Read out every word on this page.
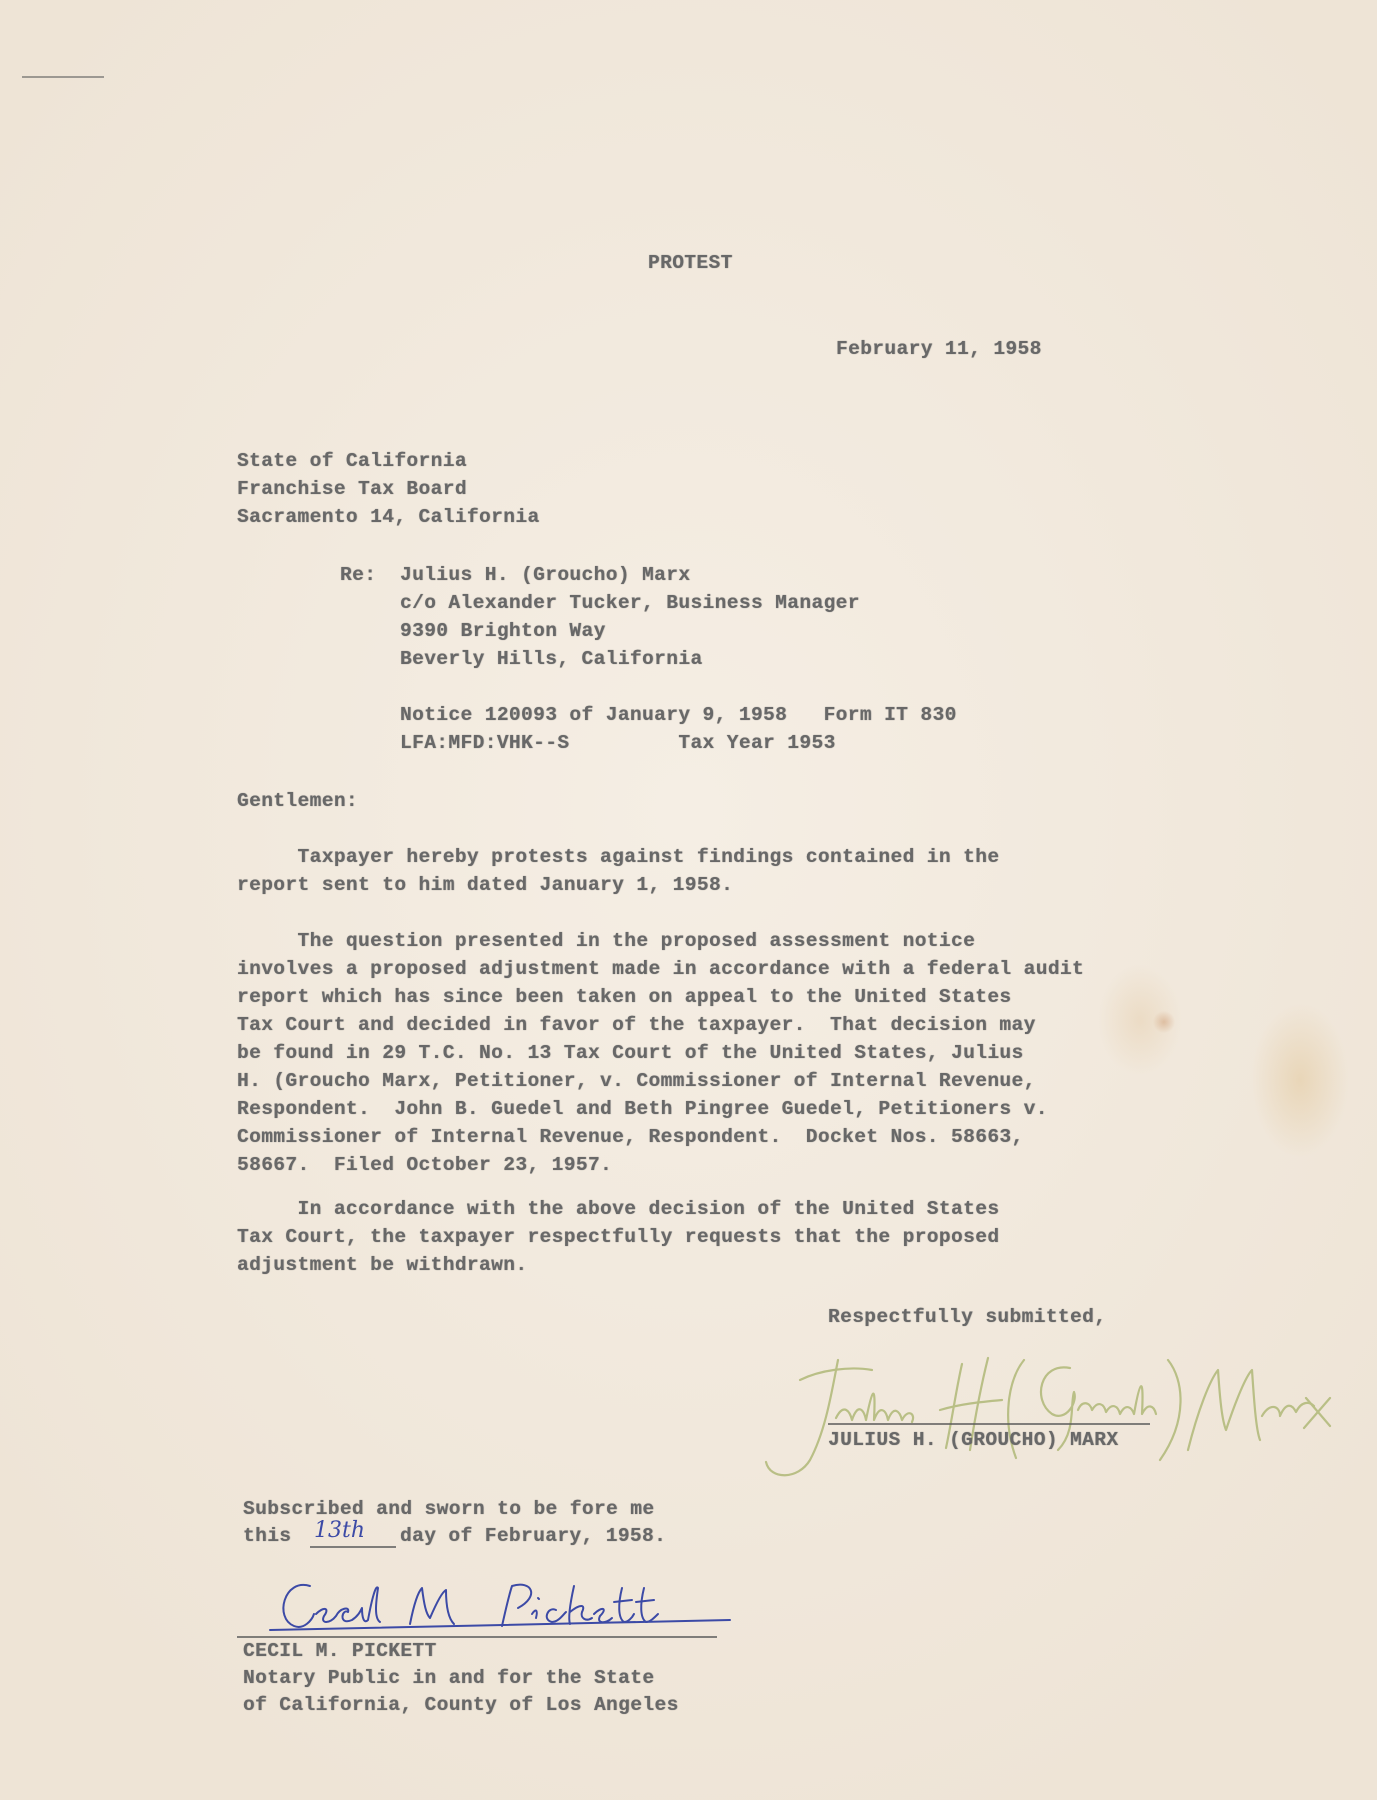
PROTEST

February 11, 1958

State of California

Franchise Tax Board

Sacramento 14, California

Re: Julius H. (Groucho) Marx

c/o Alexander Tucker, Business Manager

9390 Brighton Way

Beverly Hills, California

Notice 120093 of January 9, 1958   Form IT 830

LFA:MFD:VHK--S         Tax Year 1953

Gentlemen:

Taxpayer hereby protests against findings contained in the

report sent to him dated January 1, 1958.

The question presented in the proposed assessment notice

involves a proposed adjustment made in accordance with a federal audit

report which has since been taken on appeal to the United States

Tax Court and decided in favor of the taxpayer.  That decision may

be found in 29 T.C. No. 13 Tax Court of the United States, Julius

H. (Groucho Marx, Petitioner, v. Commissioner of Internal Revenue,

Respondent.  John B. Guedel and Beth Pingree Guedel, Petitioners v.

Commissioner of Internal Revenue, Respondent.  Docket Nos. 58663,

58667.  Filed October 23, 1957.

In accordance with the above decision of the United States

Tax Court, the taxpayer respectfully requests that the proposed

adjustment be withdrawn.

Respectfully submitted,

JULIUS H. (GROUCHO) MARX

Subscribed and sworn to be fore me

this 13th day of February, 1958.

CECIL M. PICKETT

Notary Public in and for the State

of California, County of Los Angeles
